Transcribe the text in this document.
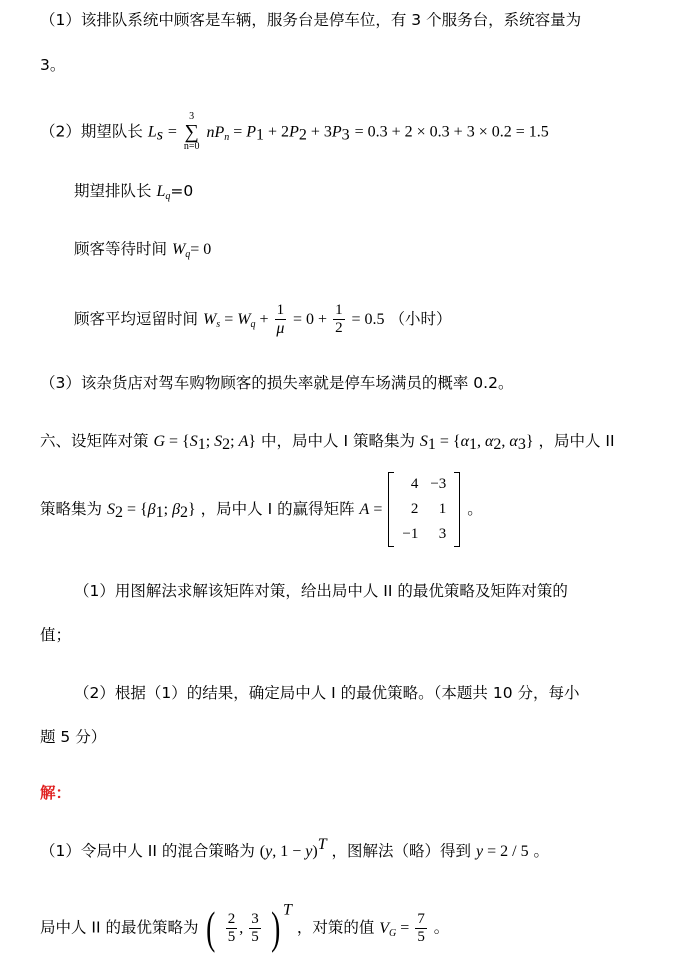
（1）该排队系统中顾客是车辆，服务台是停车位，有 3 个服务台，系统容量为
3。
（2）期望队长 $L_s$ =
3
∑
n=0
$nP_n = P_1 + 2P_2 + 3P_3 = 0.3 + 2 \times 0.3 + 3 \times 0.2 = 1.5$
期望排队长 $L_q=0$
顾客等待时间 $W_q= 0$
顾客平均逗留时间 $W_s = W_q + \frac{1}{\mu} = 0 + \frac{1}{2} = 0.5$ （小时）
（3）该杂货店对驾车购物顾客的损失率就是停车场满员的概率 0.2。
六、设矩阵对策 $G = \{S_1$; $S_2$; A} 中，局中人 I 策略集为 $S_1 = \{\alpha_1$, $\alpha_2$, $\alpha_3$} ，局中人 II
策略集为 $S_2 = \{\beta_1$; $\beta_2$} ，局中人 I 的赢得矩阵 A =
4	−3
2	1
−1	3
。
（1）用图解法求解该矩阵对策，给出局中人 II 的最优策略及矩阵对策的
值；
（2）根据（1）的结果，确定局中人 I 的最优策略。（本题共 10 分，每小
题 5 分）
解：
（1）令局中人 II 的混合策略为 (y, 1 − y)$^T$ ，图解法（略）得到 y = 2 / 5 。
局中人 II 的最优策略为 ( $\frac{2}{5}$ , $\frac{3}{5}$ ) $^T$ ，对策的值 $V_G = \frac{7}{5}$ 。
